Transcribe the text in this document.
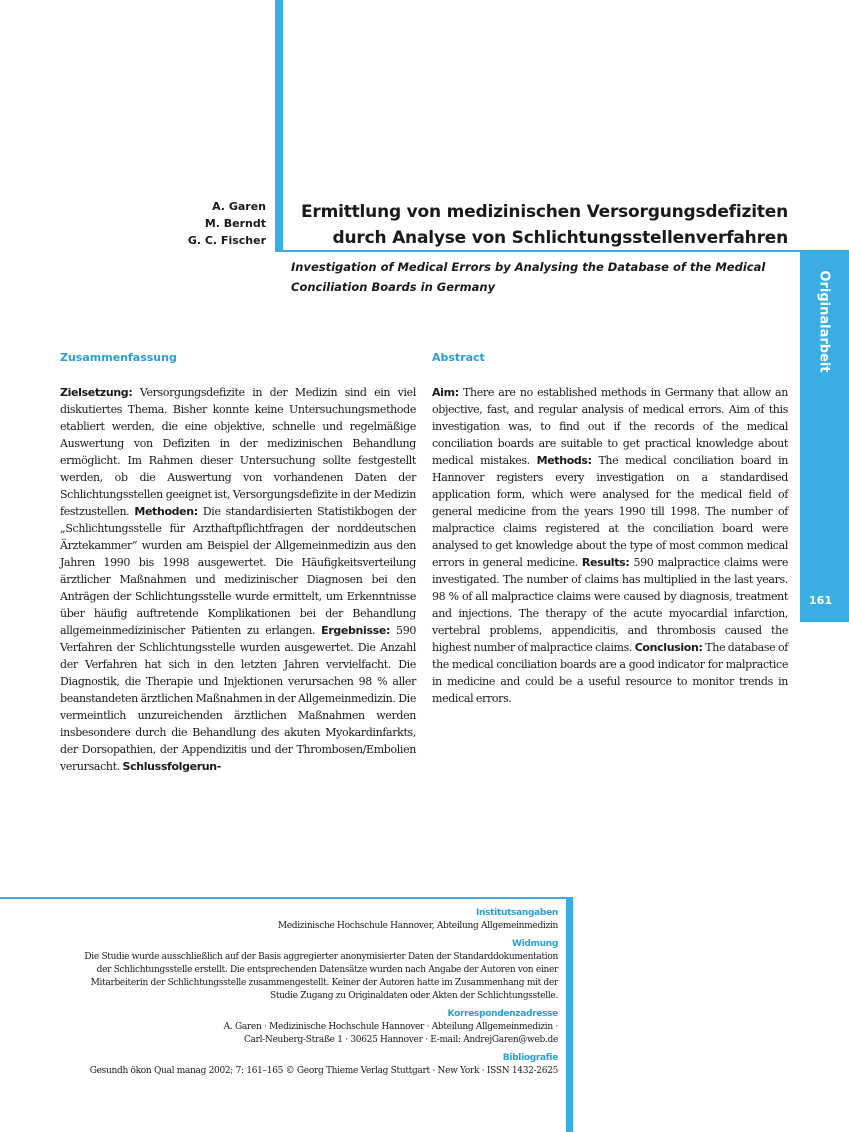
A. Garen
M. Berndt
G. C. Fischer
Ermittlung von medizinischen Versorgungsdefiziten
durch Analyse von Schlichtungsstellenverfahren
Investigation of Medical Errors by Analysing the Database of the Medical
Conciliation Boards in Germany	Originalarbeit
161
Zusammenfassung	Abstract

Zielsetzung: Versorgungsdefizite in der Medizin sind ein viel diskutiertes Thema. Bisher konnte keine Untersuchungsmethode etabliert werden, die eine objektive, schnelle und regelmäßige Auswertung von Defiziten in der medizinischen Behandlung ermöglicht. Im Rahmen dieser Untersuchung sollte festgestellt werden, ob die Auswertung von vorhandenen Daten der Schlichtungsstellen geeignet ist, Versorgungsdefizite in der Medizin festzustellen. Methoden: Die standardisierten Statistikbogen der „Schlichtungsstelle für Arzthaftpflichtfragen der norddeutschen Ärztekammer“ wurden am Beispiel der Allgemeinmedizin aus den Jahren 1990 bis 1998 ausgewertet. Die Häufigkeitsverteilung ärztlicher Maßnahmen und medizinischer Diagnosen bei den Anträgen der Schlichtungsstelle wurde ermittelt, um Erkenntnisse über häufig auftretende Komplikationen bei der Behandlung allgemeinmedizinischer Patienten zu erlangen. Ergebnisse: 590 Verfahren der Schlichtungsstelle wurden ausgewertet. Die Anzahl der Verfahren hat sich in den letzten Jahren vervielfacht. Die Diagnostik, die Therapie und Injektionen verursachen 98 % aller beanstandeten ärztlichen Maßnahmen in der Allgemeinmedizin. Die vermeintlich unzureichenden ärztlichen Maßnahmen werden insbesondere durch die Behandlung des akuten Myokardinfarkts, der Dorsopathien, der Appendizitis und der Thrombosen/Embolien verursacht. Schlussfolgerun-

Aim: There are no established methods in Germany that allow an objective, fast, and regular analysis of medical errors. Aim of this investigation was, to find out if the records of the medical conciliation boards are suitable to get practical knowledge about medical mistakes. Methods: The medical conciliation board in Hannover registers every investigation on a standardised application form, which were analysed for the medical field of general medicine from the years 1990 till 1998. The number of malpractice claims registered at the conciliation board were analysed to get knowledge about the type of most common medical errors in general medicine. Results: 590 malpractice claims were investigated. The number of claims has multiplied in the last years. 98 % of all malpractice claims were caused by diagnosis, treatment and injections. The therapy of the acute myocardial infarction, vertebral problems, appendicitis, and thrombosis caused the highest number of malpractice claims. Conclusion: The database of the medical conciliation boards are a good indicator for malpractice in medicine and could be a useful resource to monitor trends in medical errors.

Institutsangaben
Medizinische Hochschule Hannover, Abteilung Allgemeinmedizin
Widmung
Die Studie wurde ausschließlich auf der Basis aggregierter anonymisierter Daten der Standarddokumentation
der Schlichtungsstelle erstellt. Die entsprechenden Datensätze wurden nach Angabe der Autoren von einer
Mitarbeiterin der Schlichtungsstelle zusammengestellt. Keiner der Autoren hatte im Zusammenhang mit der
Studie Zugang zu Originaldaten oder Akten der Schlichtungsstelle.
Korrespondenzadresse
A. Garen · Medizinische Hochschule Hannover · Abteilung Allgemeinmedizin ·
Carl-Neuberg-Straße 1 · 30625 Hannover · E-mail: AndrejGaren@web.de
Bibliografie
Gesundh ökon Qual manag 2002; 7: 161–165 © Georg Thieme Verlag Stuttgart · New York · ISSN 1432-2625
